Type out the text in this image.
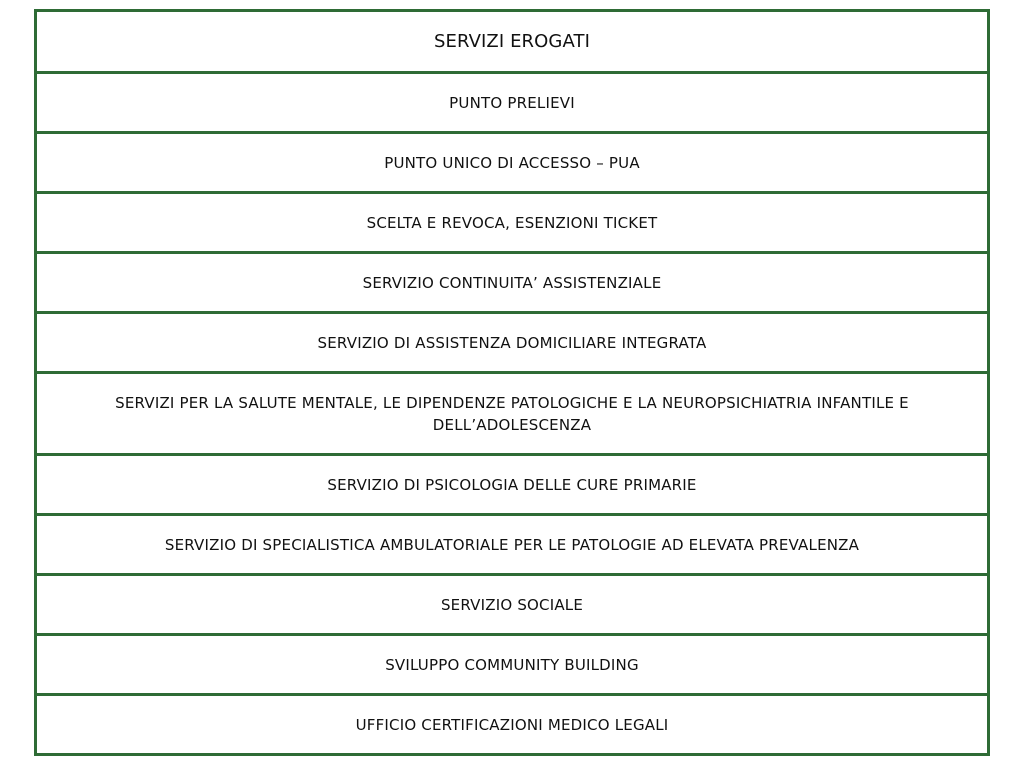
SERVIZI EROGATI
PUNTO PRELIEVI
PUNTO UNICO DI ACCESSO – PUA
SCELTA E REVOCA, ESENZIONI TICKET
SERVIZIO CONTINUITA’ ASSISTENZIALE
SERVIZIO DI ASSISTENZA DOMICILIARE INTEGRATA
SERVIZI PER LA SALUTE MENTALE, LE DIPENDENZE PATOLOGICHE E LA NEUROPSICHIATRIA INFANTILE E DELL’ADOLESCENZA
SERVIZIO DI PSICOLOGIA DELLE CURE PRIMARIE
SERVIZIO DI SPECIALISTICA AMBULATORIALE PER LE PATOLOGIE AD ELEVATA PREVALENZA
SERVIZIO SOCIALE
SVILUPPO COMMUNITY BUILDING
UFFICIO CERTIFICAZIONI MEDICO LEGALI
